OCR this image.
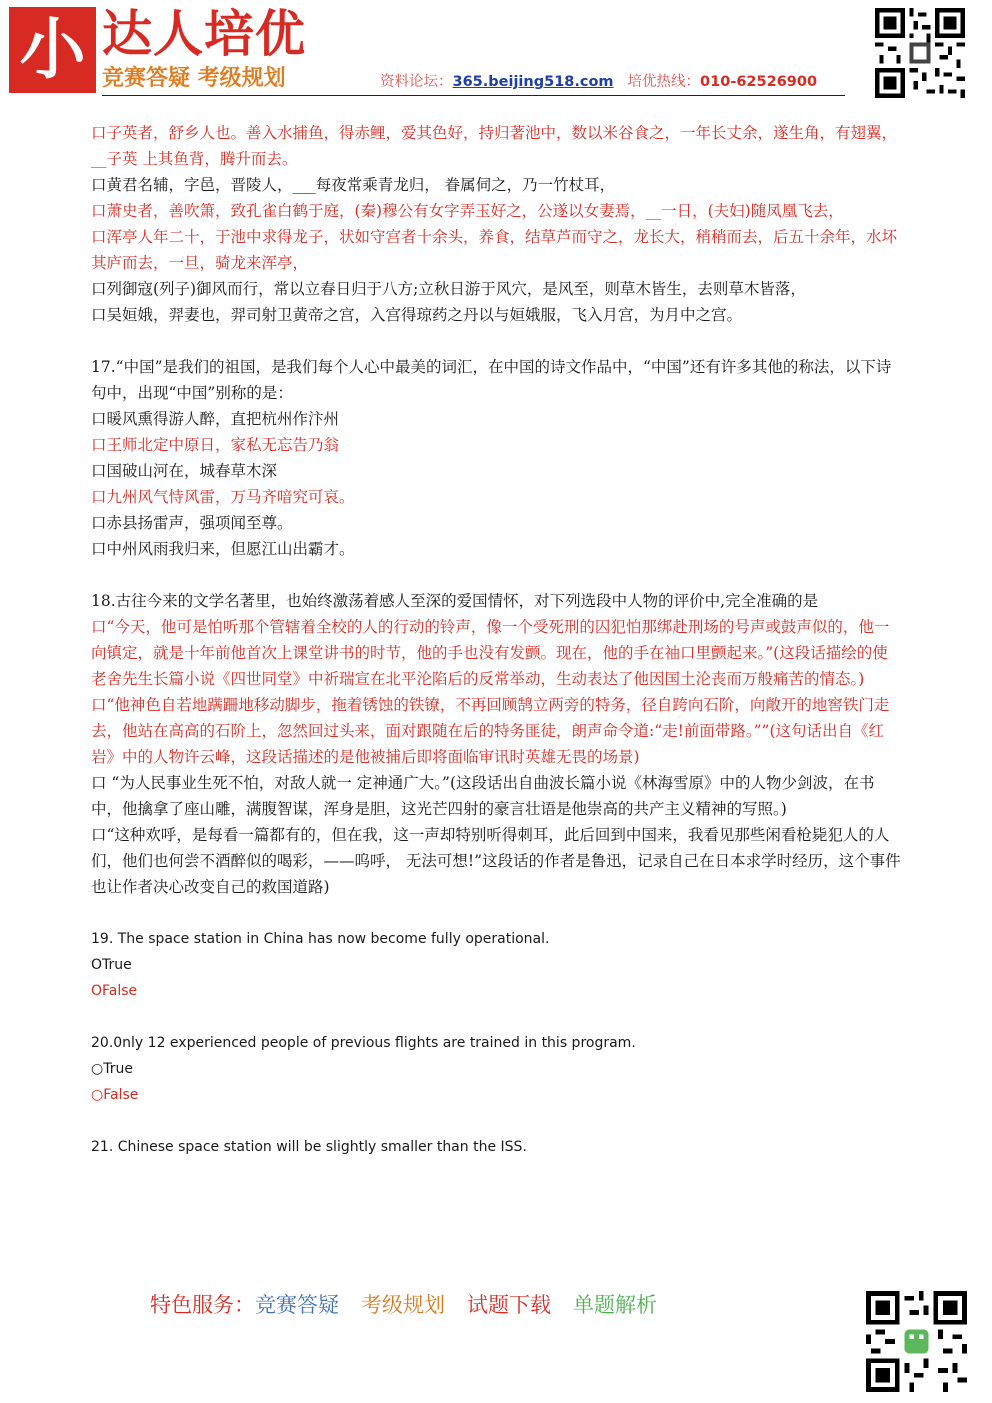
小 达人培优
竞赛答疑 考级规划	资料论坛：365.beijing518.com 培优热线：010-62526900

口子英者，舒乡人也。善入水捕鱼，得赤鲤，爱其色好，持归著池中，数以米谷食之，一年长丈余，遂生角，有翅翼，__子英 上其鱼背，腾升而去。

口黄君名辅，字邑，晋陵人，___每夜常乘青龙归， 眷属伺之，乃一竹杖耳，

口萧史者，善吹箫，致孔雀白鹤于庭，(秦)穆公有女字弄玉好之，公遂以女妻焉，__一日，(夫妇)随凤凰飞去，

口浑亭人年二十，于池中求得龙子，状如守宫者十余头，养食，结草芦而守之，龙长大，稍稍而去，后五十余年，水坏其庐而去，一旦，骑龙来浑亭，

口列御寇(列子)御风而行，常以立春日归于八方;立秋日游于风穴，是风至，则草木皆生，去则草木皆落，

口吴姮娥，羿妻也，羿司射卫黄帝之宫，入宫得琼药之丹以与姮娥服，飞入月宫，为月中之宫。

17.“中国”是我们的祖国，是我们每个人心中最美的词汇，在中国的诗文作品中，“中国”还有许多其他的称法，以下诗句中，出现“中国”别称的是：

口暖风熏得游人醉，直把杭州作汴州

口王师北定中原日，家私无忘告乃翁

口国破山河在，城春草木深

口九州风气恃风雷，万马齐喑究可哀。

口赤县扬雷声，强项闻至尊。

口中州风雨我归来，但愿江山出霸才。

18.古往今来的文学名著里，也始终激荡着感人至深的爱国情怀，对下列选段中人物的评价中,完全准确的是

口“今天，他可是怕听那个管辖着全校的人的行动的铃声，像一个受死刑的囚犯怕那绑赴刑场的号声或鼓声似的，他一向镇定，就是十年前他首次上课堂讲书的时节，他的手也没有发颤。现在，他的手在袖口里颤起来。”(这段话描绘的使老舍先生长篇小说《四世同堂》中祈瑞宣在北平沦陷后的反常举动，生动表达了他因国土沦丧而万般痛苦的情态。)

口“他神色自若地蹒跚地移动脚步，拖着锈蚀的铁镣，不再回顾鹄立两旁的特务，径自跨向石阶，向敞开的地窖铁门走去，他站在高高的石阶上，忽然回过头来，面对跟随在后的特务匪徒，朗声命令道:“走!前面带路。””(这句话出自《红岩》中的人物许云峰，这段话描述的是他被捕后即将面临审讯时英雄无畏的场景)

口 “为人民事业生死不怕，对敌人就一 定神通广大。”(这段话出自曲波长篇小说《林海雪原》中的人物少剑波，在书中，他擒拿了座山雕，满腹智谋，浑身是胆，这光芒四射的豪言壮语是他崇高的共产主义精神的写照。)

口“这种欢呼，是每看一篇都有的，但在我，这一声却特别听得刺耳，此后回到中国来，我看见那些闲看枪毙犯人的人们，他们也何尝不酒醉似的喝彩，——呜呼， 无法可想!”这段话的作者是鲁迅，记录自己在日本求学时经历，这个事件也让作者决心改变自己的救国道路)

19. The space station in China has now become fully operational.

OTrue

OFalse

20.0nly 12 experienced people of previous flights are trained in this program.

○True

○False

21. Chinese space station will be slightly smaller than the ISS.

特色服务：竞赛答疑 考级规划 试题下载 单题解析
